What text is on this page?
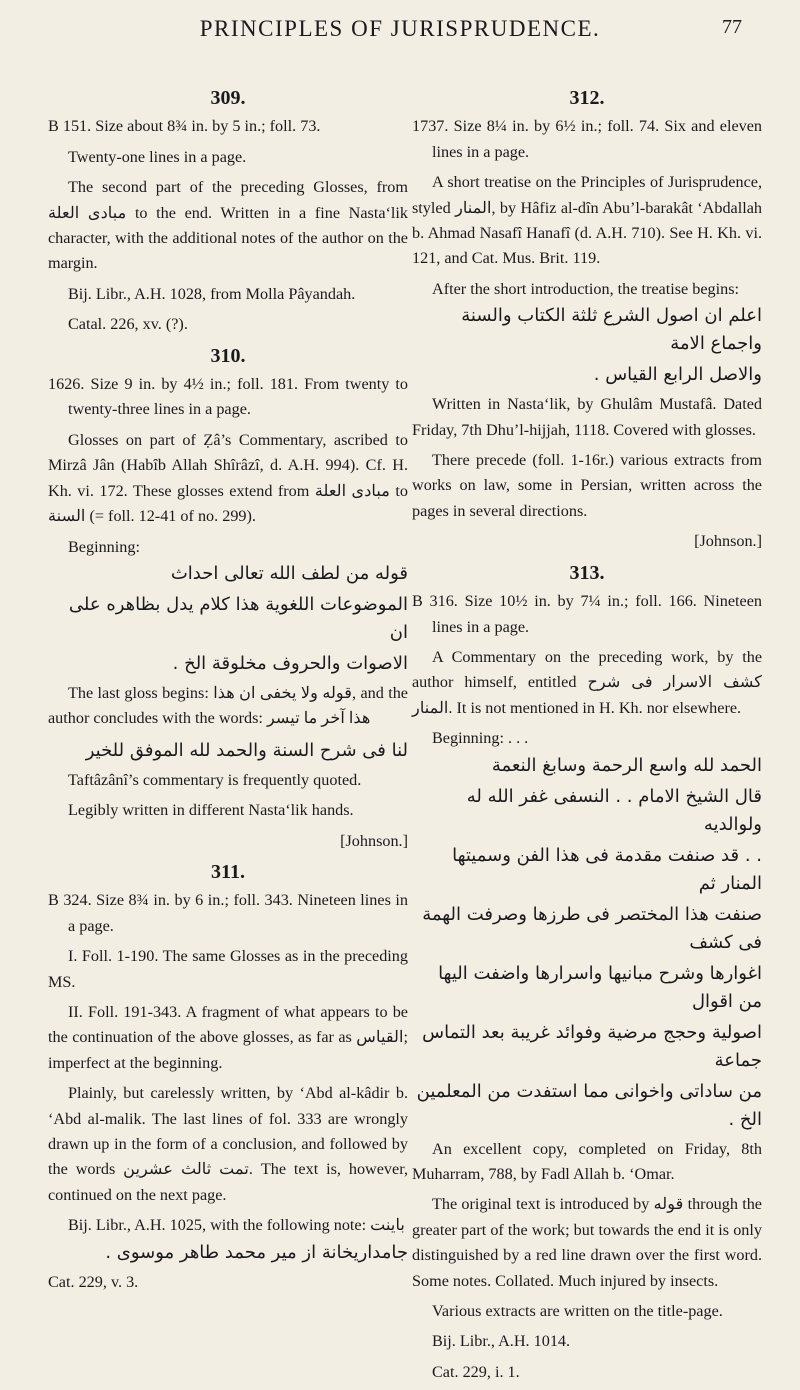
PRINCIPLES OF JURISPRUDENCE.	77
309.

B 151. Size about 8¾ in. by 5 in.; foll. 73.

Twenty-one lines in a page.

The second part of the preceding Glosses, from مبادى العلة to the end. Written in a fine Nasta‘lik character, with the additional notes of the author on the margin.

Bij. Libr., A.H. 1028, from Molla Pâyandah.

Catal. 226, xv. (?).

310.

1626. Size 9 in. by 4½ in.; foll. 181. From twenty to twenty-three lines in a page.

Glosses on part of Ẓâ’s Commentary, ascribed to Mirzâ Jân (Habîb Allah Shîrâzî, d. A.H. 994). Cf. H. Kh. vi. 172. These glosses extend from مبادى العلة to السنة (= foll. 12-41 of no. 299).

Beginning:

قوله من لطف الله تعالى احداث

الموضوعات اللغوية هذا كلام يدل بظاهره على ان

الاصوات والحروف مخلوقة الخ .

The last gloss begins: قوله ولا يخفى ان هذا, and the author concludes with the words: هذا آخر ما تيسر

لنا فى شرح السنة والحمد لله الموفق للخير

Taftâzânî’s commentary is frequently quoted.

Legibly written in different Nasta‘lik hands.

[Johnson.]

311.

B 324. Size 8¾ in. by 6 in.; foll. 343. Nineteen lines in a page.

I. Foll. 1-190. The same Glosses as in the preceding MS.

II. Foll. 191-343. A fragment of what appears to be the continuation of the above glosses, as far as القياس; imperfect at the beginning.

Plainly, but carelessly written, by ‘Abd al-kâdir b. ‘Abd al-malik. The last lines of fol. 333 are wrongly drawn up in the form of a conclusion, and followed by the words تمت ثالث عشرين. The text is, however, continued on the next page.

Bij. Libr., A.H. 1025, with the following note: باينت

جامداريخانة از مير محمد طاهر موسوى .

Cat. 229, v. 3.

312.

1737. Size 8¼ in. by 6½ in.; foll. 74. Six and eleven lines in a page.

A short treatise on the Principles of Jurisprudence, styled المنار, by Hâfiz al-dîn Abu’l-barakât ‘Abdallah b. Ahmad Nasafî Hanafî (d. A.H. 710). See H. Kh. vi. 121, and Cat. Mus. Brit. 119.

After the short introduction, the treatise begins:

اعلم ان اصول الشرع ثلثة الكتاب والسنة واجماع الامة

والاصل الرابع القياس .

Written in Nasta‘lik, by Ghulâm Mustafâ. Dated Friday, 7th Dhu’l-hijjah, 1118. Covered with glosses.

There precede (foll. 1-16r.) various extracts from works on law, some in Persian, written across the pages in several directions.

[Johnson.]

313.

B 316. Size 10½ in. by 7¼ in.; foll. 166. Nineteen lines in a page.

A Commentary on the preceding work, by the author himself, entitled كشف الاسرار فى شرح المنار. It is not mentioned in H. Kh. nor elsewhere.

Beginning: . . .

الحمد لله واسع الرحمة وسابغ النعمة

قال الشيخ الامام . . النسفى غفر الله له ولوالديه

. . قد صنفت مقدمة فى هذا الفن وسميتها المنار ثم

صنفت هذا المختصر فى طرزها وصرفت الهمة فى كشف

اغوارها وشرح مبانيها واسرارها واضفت اليها من اقوال

اصولية وحجج مرضية وفوائد غريبة بعد التماس جماعة

من ساداتى واخوانى مما استفدت من المعلمين الخ .

An excellent copy, completed on Friday, 8th Muharram, 788, by Fadl Allah b. ‘Omar.

The original text is introduced by قوله through the greater part of the work; but towards the end it is only distinguished by a red line drawn over the first word. Some notes. Collated. Much injured by insects.

Various extracts are written on the title-page.

Bij. Libr., A.H. 1014.

Cat. 229, i. 1.
